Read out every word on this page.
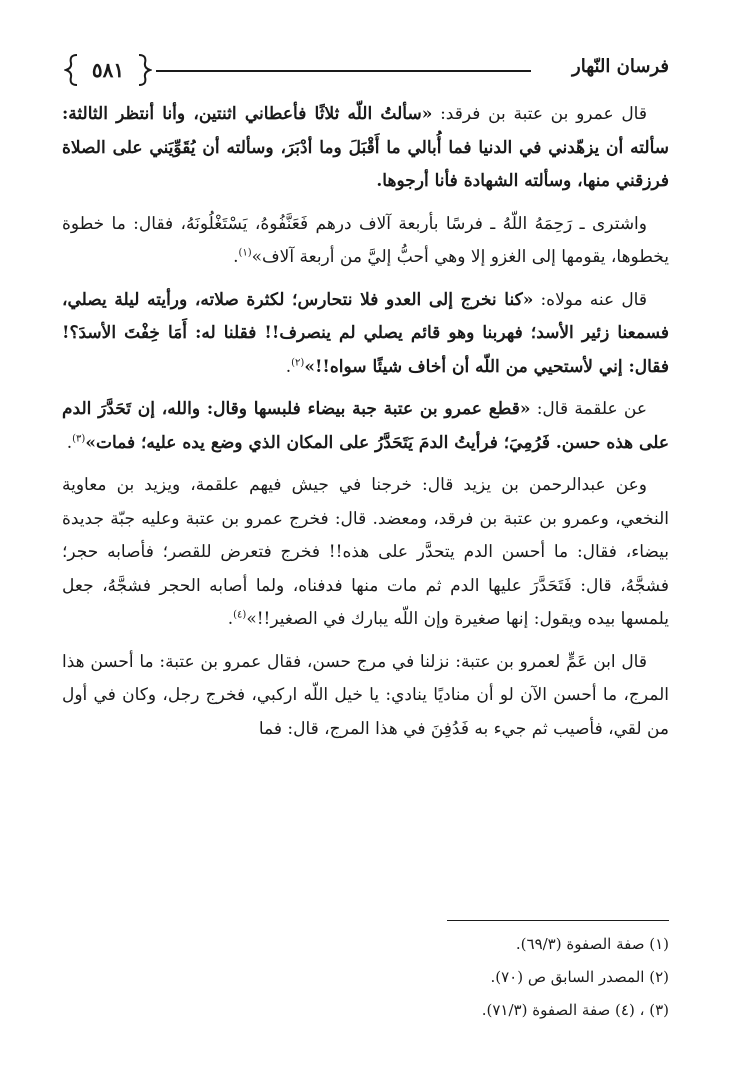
فرسان النّهار
٥٨١

قال عمرو بن عتبة بن فرقد: «سألتُ اللّه ثلاثًا فأعطاني اثنتين، وأنا أنتظر الثالثة: سألته أن يزهّدني في الدنيا فما أُبالي ما أَقْبَلَ وما أدْبَرَ، وسألته أن يُقَوِّيَني على الصلاة فرزقني منها، وسألته الشهادة فأنا أرجوها.

واشترى ـ رَحِمَهُ اللّهُ ـ فرسًا بأربعة آلاف درهم فَعَنَّفُوهُ، يَسْتَغْلُونَهُ، فقال: ما خطوة يخطوها، يقومها إلى الغزو إلا وهي أحبُّ إليَّ من أربعة آلاف»$^{(١)}$.

قال عنه مولاه: «كنا نخرج إلى العدو فلا نتحارس؛ لكثرة صلاته، ورأيته ليلة يصلي، فسمعنا زئير الأسد؛ فهربنا وهو قائم يصلي لم ينصرف!! فقلنا له: أَمَا خِفْتَ الأسدَ؟! فقال: إني لأستحيي من اللّه أن أخاف شيئًا سواه!!»$^{(٢)}$.

عن علقمة قال: «قطع عمرو بن عتبة جبة بيضاء فلبسها وقال: والله، إن تَحَدَّرَ الدم على هذه حسن. فَرُمِيَ؛ فرأيتُ الدمَ يَتَحَدَّرُ على المكان الذي وضع يده عليه؛ فمات»$^{(٣)}$.

وعن عبدالرحمن بن يزيد قال: خرجنا في جيش فيهم علقمة، ويزيد بن معاوية النخعي، وعمرو بن عتبة بن فرقد، ومعضد. قال: فخرج عمرو بن عتبة وعليه جبّة جديدة بيضاء، فقال: ما أحسن الدم يتحدَّر على هذه!! فخرج فتعرض للقصر؛ فأصابه حجر؛ فشجَّهُ، قال: فَتَحَدَّرَ عليها الدم ثم مات منها فدفناه، ولما أصابه الحجر فشجَّهُ، جعل يلمسها بيده ويقول: إنها صغيرة وإن اللّه يبارك في الصغير!!»$^{(٤)}$.

قال ابن عَمٍّ لعمرو بن عتبة: نزلنا في مرج حسن، فقال عمرو بن عتبة: ما أحسن هذا المرج، ما أحسن الآن لو أن مناديًا ينادي: يا خيل اللّه اركبي، فخرج رجل، وكان في أول من لقي، فأصيب ثم جيء به فَدُفِنَ في هذا المرج، قال: فما

(١) صفة الصفوة (٦٩/٣).
(٢) المصدر السابق ص (٧٠).
(٣) ، (٤) صفة الصفوة (٧١/٣).
